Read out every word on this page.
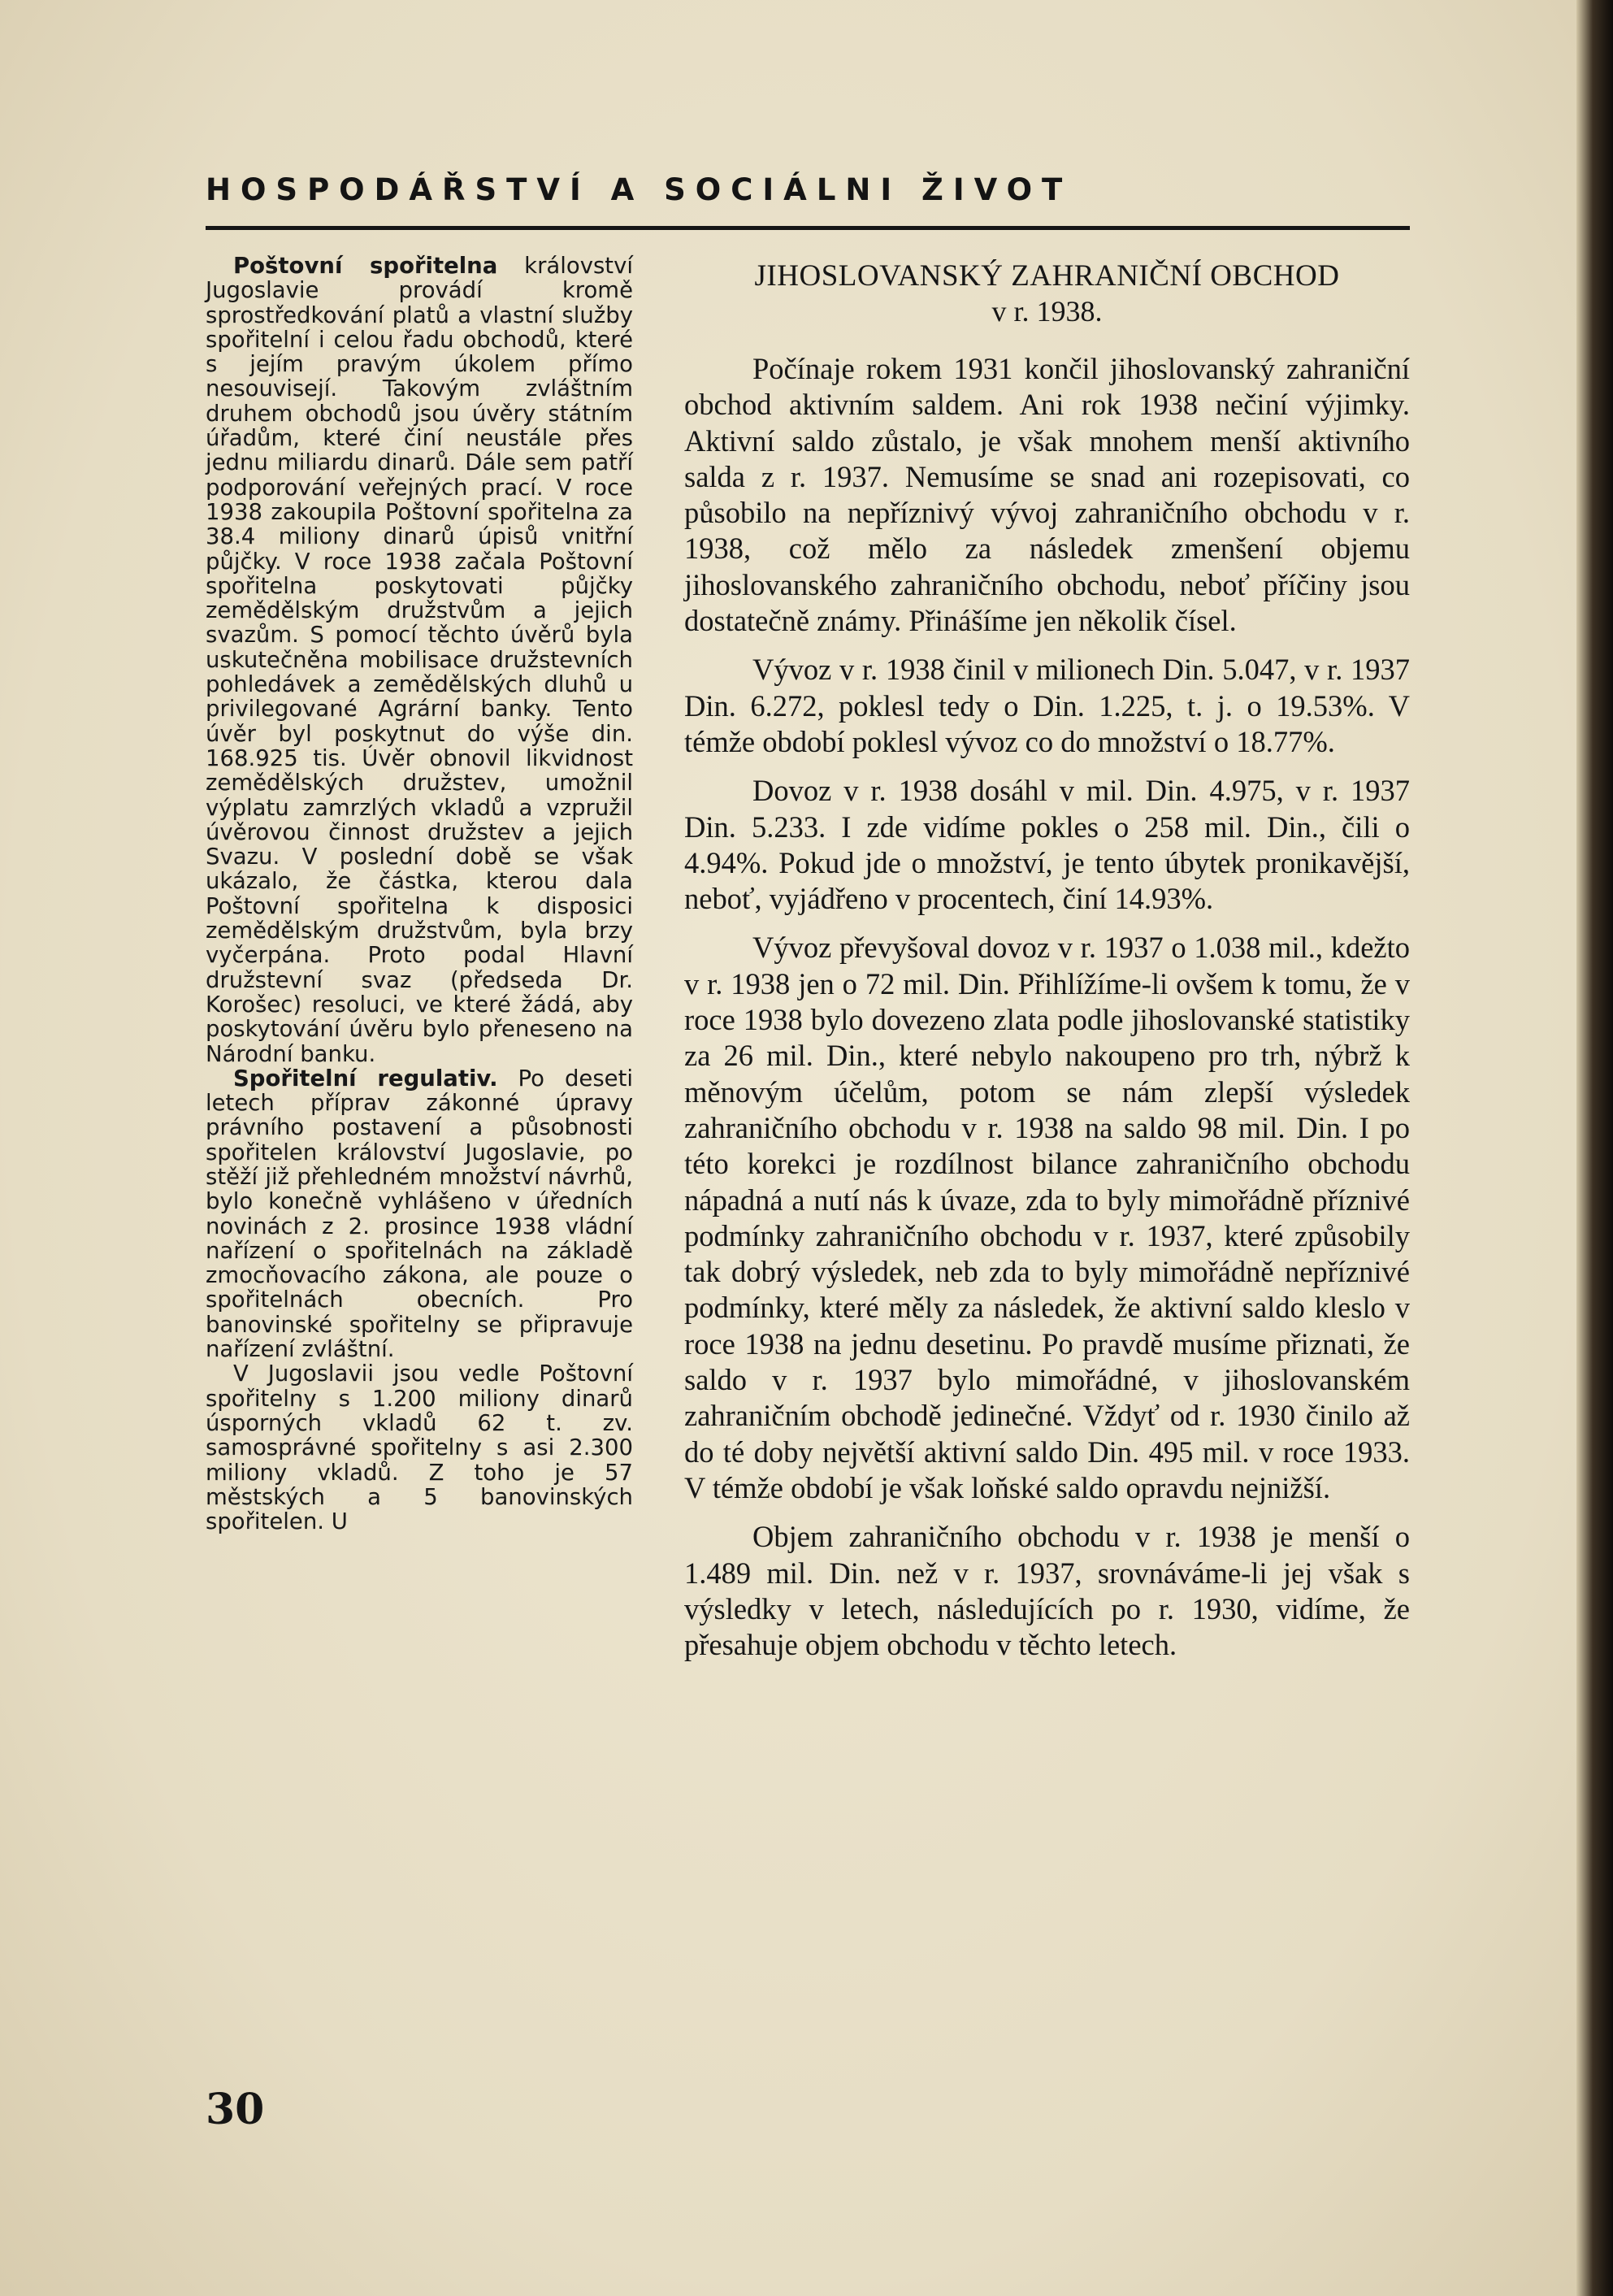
HOSPODÁŘSTVÍ A SOCIÁLNI ŽIVOT

Poštovní spořitelna království Jugoslavie provádí kromě sprostředkování platů a vlastní služby spořitelní i celou řadu obchodů, které s jejím pravým úkolem přímo nesouvisejí. Takovým zvláštním druhem obchodů jsou úvěry státním úřadům, které činí neustále přes jednu miliardu dinarů. Dále sem patří podporování veřejných prací. V roce 1938 zakoupila Poštovní spořitelna za 38.4 miliony dinarů úpisů vnitřní půjčky. V roce 1938 začala Poštovní spořitelna poskytovati půjčky zemědělským družstvům a jejich svazům. S pomocí těchto úvěrů byla uskutečněna mobilisace družstevních pohledávek a zemědělských dluhů u privilegované Agrární banky. Tento úvěr byl poskytnut do výše din. 168.925 tis. Úvěr obnovil likvidnost zemědělských družstev, umožnil výplatu zamrzlých vkladů a vzpružil úvěrovou činnost družstev a jejich Svazu. V poslední době se však ukázalo, že částka, kterou dala Poštovní spořitelna k disposici zemědělským družstvům, byla brzy vyčerpána. Proto podal Hlavní družstevní svaz (předseda Dr. Korošec) resoluci, ve které žádá, aby poskytování úvěru bylo přeneseno na Národní banku.

Spořitelní regulativ. Po deseti letech příprav zákonné úpravy právního postavení a působnosti spořitelen království Jugoslavie, po stěží již přehledném množství návrhů, bylo konečně vyhlášeno v úředních novinách z 2. prosince 1938 vládní nařízení o spořitelnách na základě zmocňovacího zákona, ale pouze o spořitelnách obecních. Pro banovinské spořitelny se připravuje nařízení zvláštní.

V Jugoslavii jsou vedle Poštovní spořitelny s 1.200 miliony dinarů úsporných vkladů 62 t. zv. samosprávné spořitelny s asi 2.300 miliony vkladů. Z toho je 57 městských a 5 banovinských spořitelen. U

JIHOSLOVANSKÝ ZAHRANIČNÍ OBCHOD
v r. 1938.

Počínaje rokem 1931 končil jihoslovanský zahraniční obchod aktivním saldem. Ani rok 1938 nečiní výjimky. Aktivní saldo zůstalo, je však mnohem menší aktivního salda z r. 1937. Nemusíme se snad ani rozepisovati, co působilo na nepříznivý vývoj zahraničního obchodu v r. 1938, což mělo za následek zmenšení objemu jihoslovanského zahraničního obchodu, neboť příčiny jsou dostatečně známy. Přinášíme jen několik čísel.

Vývoz v r. 1938 činil v milionech Din. 5.047, v r. 1937 Din. 6.272, poklesl tedy o Din. 1.225, t. j. o 19.53%. V témže období poklesl vývoz co do množství o 18.77%.

Dovoz v r. 1938 dosáhl v mil. Din. 4.975, v r. 1937 Din. 5.233. I zde vidíme pokles o 258 mil. Din., čili o 4.94%. Pokud jde o množství, je tento úbytek pronikavější, neboť, vyjádřeno v procentech, činí 14.93%.

Vývoz převyšoval dovoz v r. 1937 o 1.038 mil., kdežto v r. 1938 jen o 72 mil. Din. Přihlížíme-li ovšem k tomu, že v roce 1938 bylo dovezeno zlata podle jihoslovanské statistiky za 26 mil. Din., které nebylo nakoupeno pro trh, nýbrž k měnovým účelům, potom se nám zlepší výsledek zahraničního obchodu v r. 1938 na saldo 98 mil. Din. I po této korekci je rozdílnost bilance zahraničního obchodu nápadná a nutí nás k úvaze, zda to byly mimořádně příznivé podmínky zahraničního obchodu v r. 1937, které způsobily tak dobrý výsledek, neb zda to byly mimořádně nepříznivé podmínky, které měly za následek, že aktivní saldo kleslo v roce 1938 na jednu desetinu. Po pravdě musíme přiznati, že saldo v r. 1937 bylo mimořádné, v jihoslovanském zahraničním obchodě jedinečné. Vždyť od r. 1930 činilo až do té doby největší aktivní saldo Din. 495 mil. v roce 1933. V témže období je však loňské saldo opravdu nejnižší.

Objem zahraničního obchodu v r. 1938 je menší o 1.489 mil. Din. než v r. 1937, srovnáváme-li jej však s výsledky v letech, následujících po r. 1930, vidíme, že přesahuje objem obchodu v těchto letech.

30
